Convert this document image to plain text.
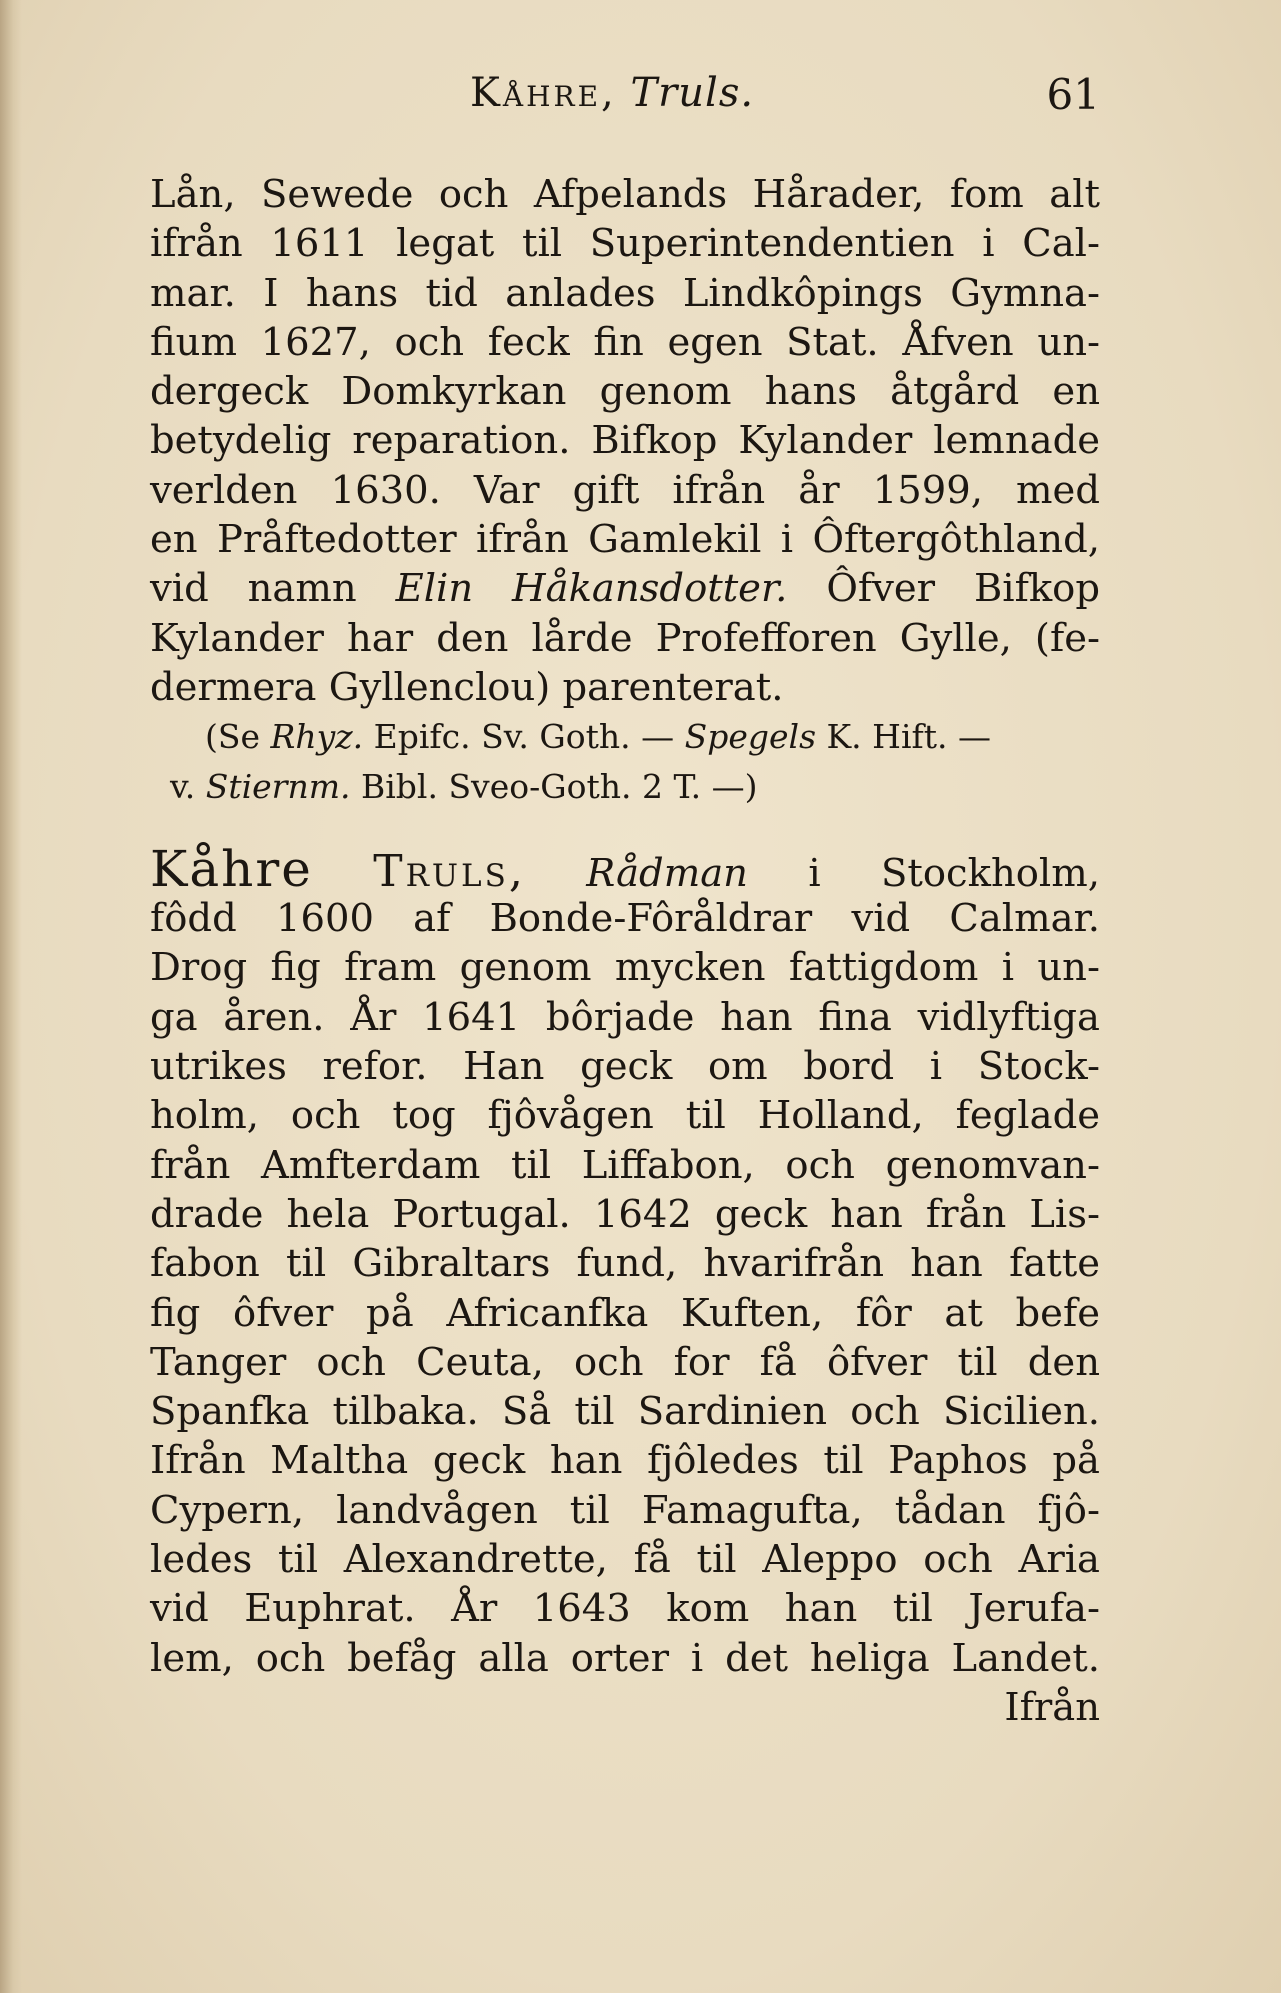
Kåhre, Truls.	61
Lån, Sewede och Afpelands Hårader, fom alt
ifrån 1611 legat til Superintendentien i Cal-
mar. I hans tid anlades Lindkôpings Gymna-
fium 1627, och feck fin egen Stat. Åfven un-
dergeck Domkyrkan genom hans åtgård en
betydelig reparation. Bifkop Kylander lemnade
verlden 1630. Var gift ifrån år 1599, med
en Pråftedotter ifrån Gamlekil i Ôftergôthland,
vid namn Elin Håkansdotter. Ôfver Bifkop
Kylander har den lårde Profefforen Gylle, (fe-
dermera Gyllenclou) parenterat.
(Se Rhyz. Epifc. Sv. Goth. — Spegels K. Hift. —
v. Stiernm. Bibl. Sveo-Goth. 2 T. —)
Kåhre Truls, Rådman i Stockholm,
fôdd 1600 af Bonde-Fôråldrar vid Calmar.
Drog fig fram genom mycken fattigdom i un-
ga åren. År 1641 bôrjade han fina vidlyftiga
utrikes refor. Han geck om bord i Stock-
holm, och tog fjôvågen til Holland, feglade
från Amfterdam til Liffabon, och genomvan-
drade hela Portugal. 1642 geck han från Lis-
fabon til Gibraltars fund, hvarifrån han fatte
fig ôfver på Africanfka Kuften, fôr at befe
Tanger och Ceuta, och for få ôfver til den
Spanfka tilbaka. Så til Sardinien och Sicilien.
Ifrån Maltha geck han fjôledes til Paphos på
Cypern, landvågen til Famagufta, tådan fjô-
ledes til Alexandrette, få til Aleppo och Aria
vid Euphrat. År 1643 kom han til Jerufa-
lem, och befåg alla orter i det heliga Landet.
Ifrån
